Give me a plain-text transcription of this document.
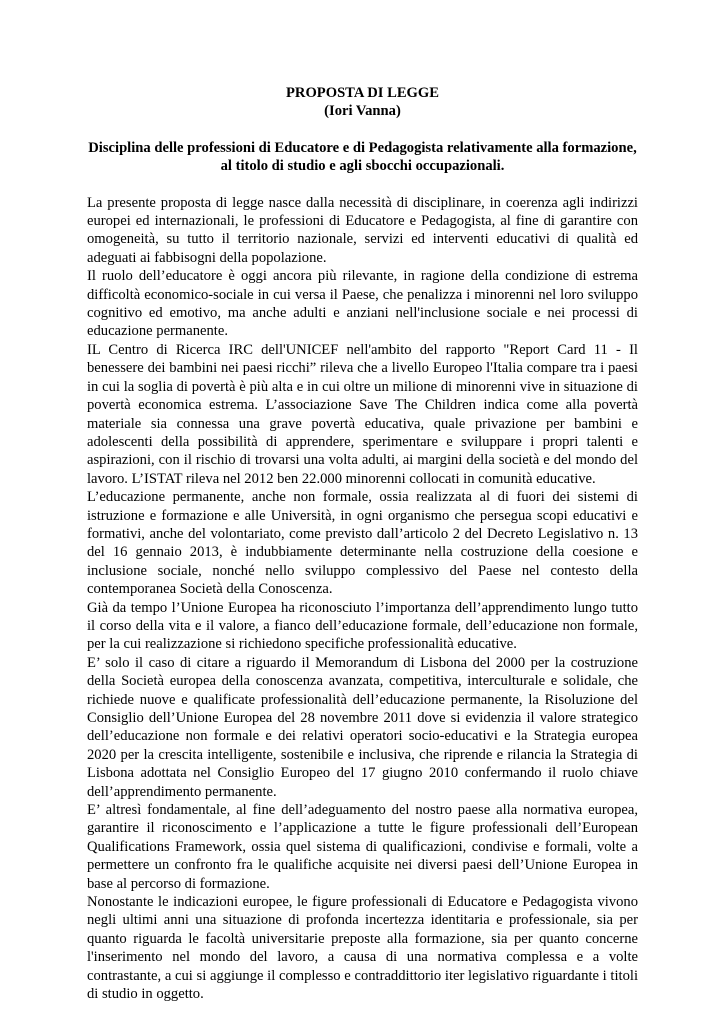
PROPOSTA DI LEGGE

(Iori Vanna)

Disciplina delle professioni di Educatore e di Pedagogista relativamente alla formazione,
al titolo di studio e agli sbocchi occupazionali.

La presente proposta di legge nasce dalla necessità di disciplinare, in coerenza agli indirizzi europei ed internazionali, le professioni di Educatore e Pedagogista, al fine di garantire con omogeneità, su tutto il territorio nazionale, servizi ed interventi educativi di qualità ed adeguati ai fabbisogni della popolazione.

Il ruolo dell’educatore è oggi ancora più rilevante, in ragione della condizione di estrema difficoltà economico-sociale in cui versa il Paese, che penalizza i minorenni nel loro sviluppo cognitivo ed emotivo, ma anche adulti e anziani nell'inclusione sociale e nei processi di educazione permanente.

IL Centro di Ricerca IRC dell'UNICEF nell'ambito del rapporto "Report Card 11 - Il benessere dei bambini nei paesi ricchi” rileva che a livello Europeo l'Italia compare tra i paesi in cui la soglia di povertà è più alta e in cui oltre un milione di minorenni vive in situazione di povertà economica estrema. L’associazione Save The Children indica come alla povertà materiale sia connessa una grave povertà educativa, quale privazione per bambini e adolescenti della possibilità di apprendere, sperimentare e sviluppare i propri talenti e aspirazioni, con il rischio di trovarsi una volta adulti, ai margini della società e del mondo del lavoro. L’ISTAT rileva nel 2012 ben 22.000 minorenni collocati in comunità educative.

L’educazione permanente, anche non formale, ossia realizzata al di fuori dei sistemi di istruzione e formazione e alle Università, in ogni organismo che persegua scopi educativi e formativi, anche del volontariato, come previsto dall’articolo 2 del Decreto Legislativo n. 13 del 16 gennaio 2013, è indubbiamente determinante nella costruzione della coesione e inclusione sociale, nonché nello sviluppo complessivo del Paese nel contesto della contemporanea Società della Conoscenza.

Già da tempo l’Unione Europea ha riconosciuto l’importanza dell’apprendimento lungo tutto il corso della vita e il valore, a fianco dell’educazione formale, dell’educazione non formale, per la cui realizzazione si richiedono specifiche professionalità educative.

E’ solo il caso di citare a riguardo il Memorandum di Lisbona del 2000 per la costruzione della Società europea della conoscenza avanzata, competitiva, interculturale e solidale, che richiede nuove e qualificate professionalità dell’educazione permanente, la Risoluzione del Consiglio dell’Unione Europea del 28 novembre 2011 dove si evidenzia il valore strategico dell’educazione non formale e dei relativi operatori socio-educativi e la Strategia europea 2020 per la crescita intelligente, sostenibile e inclusiva, che riprende e rilancia la Strategia di Lisbona adottata nel Consiglio Europeo del 17 giugno 2010 confermando il ruolo chiave dell’apprendimento permanente.

E’ altresì fondamentale, al fine dell’adeguamento del nostro paese alla normativa europea, garantire il riconoscimento e l’applicazione a tutte le figure professionali dell’European Qualifications Framework, ossia quel sistema di qualificazioni, condivise e formali, volte a permettere un confronto fra le qualifiche acquisite nei diversi paesi dell’Unione Europea in base al percorso di formazione.

Nonostante le indicazioni europee, le figure professionali di Educatore e Pedagogista vivono negli ultimi anni una situazione di profonda incertezza identitaria e professionale, sia per quanto riguarda le facoltà universitarie preposte alla formazione, sia per quanto concerne l'inserimento nel mondo del lavoro, a causa di una normativa complessa e a volte contrastante, a cui si aggiunge il complesso e contraddittorio iter legislativo riguardante i titoli di studio in oggetto.
